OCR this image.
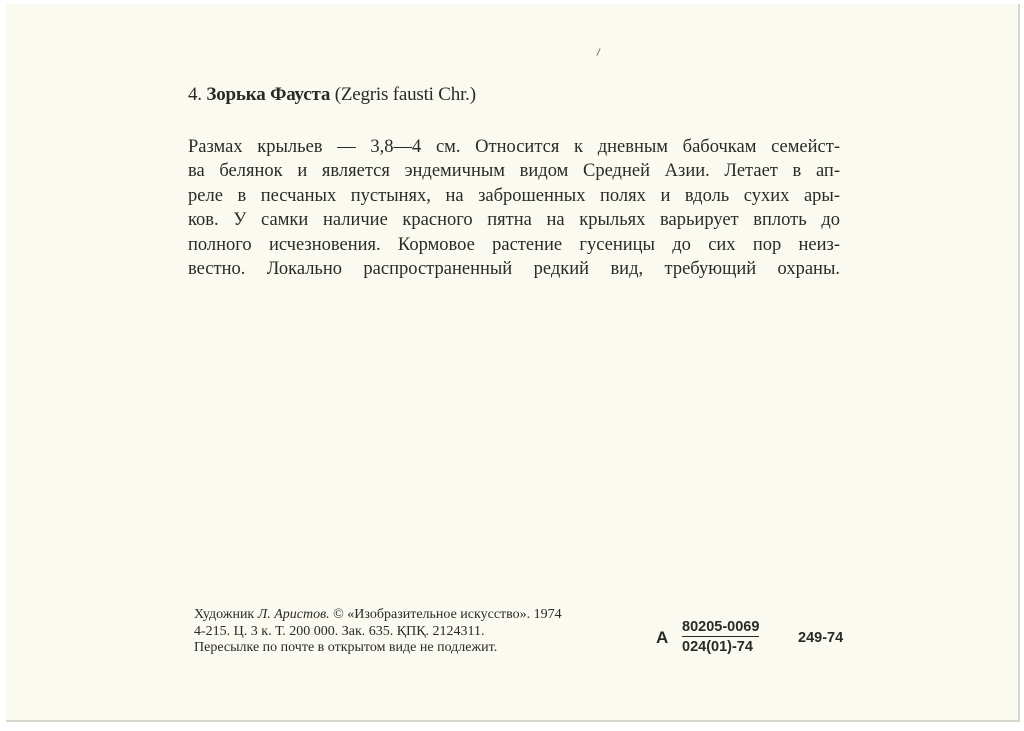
4. Зорька Фауста (Zegris fausti Chr.)
Размах крыльев — 3,8—4 см. Относится к дневным бабочкам семейст-
ва белянок и является эндемичным видом Средней Азии. Летает в ап-
реле в песчаных пустынях, на заброшенных полях и вдоль сухих ары-
ков. У самки наличие красного пятна на крыльях варьирует вплоть до
полного исчезновения. Кормовое растение гусеницы до сих пор неиз-
вестно. Локально распространенный редкий вид, требующий охраны.
Художник Л. Аристов. © «Изобразительное искусство». 1974
4-215. Ц. 3 к. Т. 200 000. Зак. 635. ҚПҚ. 2124311.
Пересылке по почте в открытом виде не подлежит.
А $\frac{80205-0069}{024(01)-74}$	249-74
